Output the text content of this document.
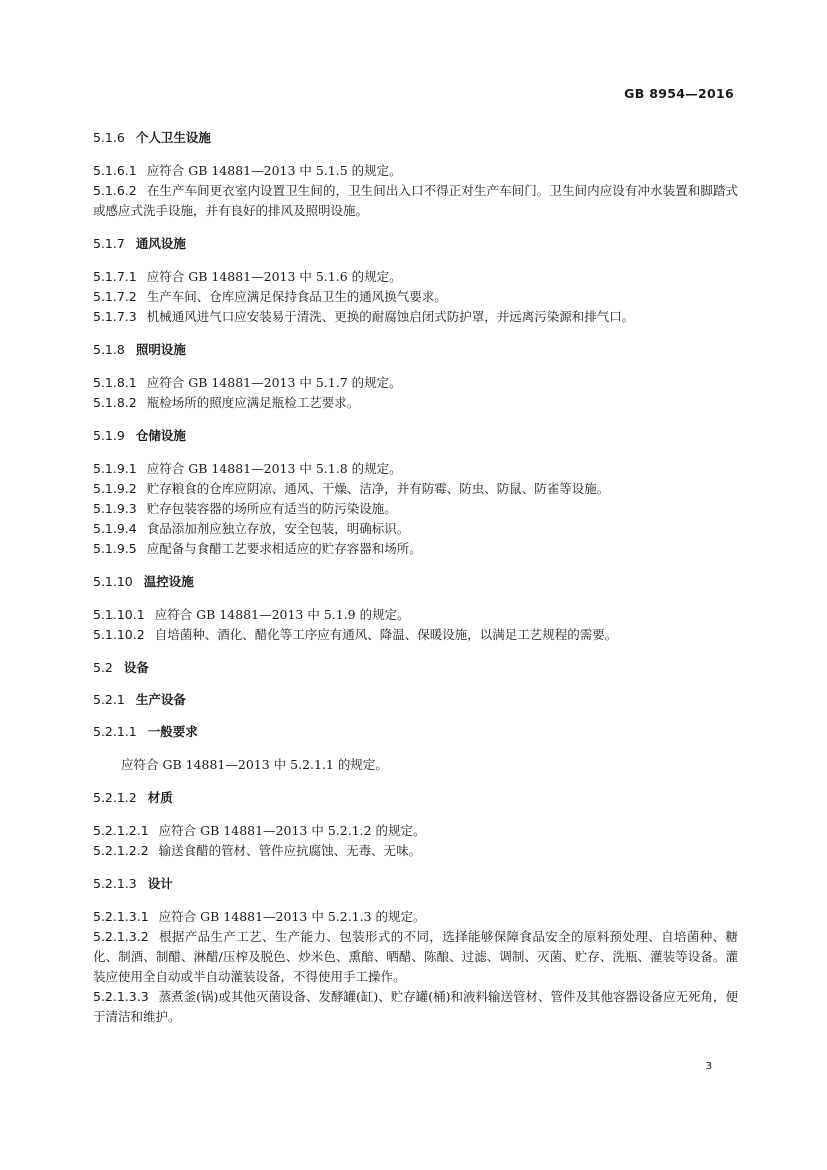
GB 8954—2016
5.1.6 个人卫生设施

5.1.6.1 应符合 GB 14881—2013 中 5.1.5 的规定。

5.1.6.2 在生产车间更衣室内设置卫生间的，卫生间出入口不得正对生产车间门。卫生间内应设有冲水装置和脚踏式或感应式洗手设施，并有良好的排风及照明设施。

5.1.7 通风设施

5.1.7.1 应符合 GB 14881—2013 中 5.1.6 的规定。

5.1.7.2 生产车间、仓库应满足保持食品卫生的通风换气要求。

5.1.7.3 机械通风进气口应安装易于清洗、更换的耐腐蚀启闭式防护罩，并远离污染源和排气口。

5.1.8 照明设施

5.1.8.1 应符合 GB 14881—2013 中 5.1.7 的规定。

5.1.8.2 瓶检场所的照度应满足瓶检工艺要求。

5.1.9 仓储设施

5.1.9.1 应符合 GB 14881—2013 中 5.1.8 的规定。

5.1.9.2 贮存粮食的仓库应阴凉、通风、干燥、洁净，并有防霉、防虫、防鼠、防雀等设施。

5.1.9.3 贮存包装容器的场所应有适当的防污染设施。

5.1.9.4 食品添加剂应独立存放，安全包装，明确标识。

5.1.9.5 应配备与食醋工艺要求相适应的贮存容器和场所。

5.1.10 温控设施

5.1.10.1 应符合 GB 14881—2013 中 5.1.9 的规定。

5.1.10.2 自培菌种、酒化、醋化等工序应有通风、降温、保暖设施，以满足工艺规程的需要。

5.2 设备
5.2.1 生产设备
5.2.1.1 一般要求
应符合 GB 14881—2013 中 5.2.1.1 的规定。
5.2.1.2 材质

5.2.1.2.1 应符合 GB 14881—2013 中 5.2.1.2 的规定。

5.2.1.2.2 输送食醋的管材、管件应抗腐蚀、无毒、无味。

5.2.1.3 设计

5.2.1.3.1 应符合 GB 14881—2013 中 5.2.1.3 的规定。

5.2.1.3.2 根据产品生产工艺、生产能力、包装形式的不同，选择能够保障食品安全的原料预处理、自培菌种、糖化、制酒、制醋、淋醋/压榨及脱色、炒米色、熏醅、晒醋、陈酿、过滤、调制、灭菌、贮存、洗瓶、灌装等设备。灌装应使用全自动或半自动灌装设备，不得使用手工操作。

5.2.1.3.3 蒸煮釜(锅)或其他灭菌设备、发酵罐(缸)、贮存罐(桶)和液料输送管材、管件及其他容器设备应无死角，便于清洁和维护。

3
